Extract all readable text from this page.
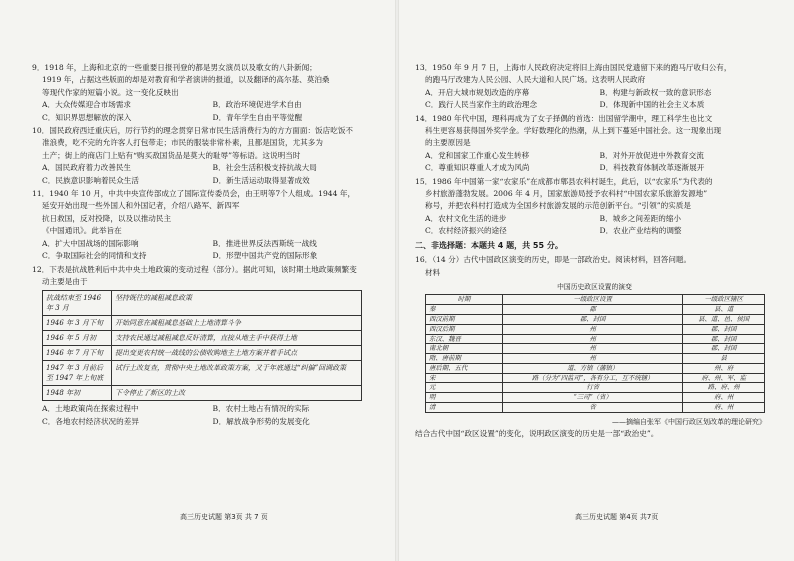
9．1918 年，上海和北京的一些重要日报刊登的都是男女演员以及歌女的八卦新闻；
1919 年，占据这些版面的却是对教育和学者演讲的报道，以及翻译的高尔基、莫泊桑
等现代作家的短篇小说。这一变化反映出
A．大众传媒迎合市场需求	B．政治环境促进学术自由
C．知识界思想解放的深入	D．青年学生自由平等觉醒
10．国民政府西迁重庆后，厉行节约的理念贯穿日常市民生活消费行为的方方面面：饭店吃饭不
准浪费，吃不完的允许客人打包带走；市民的服装非常朴素，且都是国货，尤其多为
土产；街上的商店门上贴有“购买敌国货品是莫大的耻辱”等标语。这说明当时
A．国民政府着力改善民生	B．社会生活积极支持抗战大局
C．民族意识影响着民众生活	D．新生活运动取得显著成效
11．1940 年 10 月，中共中央宣传部成立了国际宣传委员会，由王明等7个人组成。1944 年，
延安开始出现一些外国人和外国记者，介绍八路军、新四军
抗日救国，反对投降，以及以推动民主
《中国通讯》。此举旨在
A．扩大中国战场的国际影响	B．推进世界反法西斯统一战线
C．争取国际社会的同情和支持	D．形塑中国共产党的国际形象
12．下表是抗战胜利后中共中央土地政策的变动过程（部分）。据此可知，该时期土地政策频繁变
动主要是由于
抗战结束至 1946 年 3 月	坚持既往的减租减息政策
1946 年 3 月下旬	开始同意在减租减息基础上土地清算斗争
1946 年 5 月初	支持农民通过减租减息反奸清算，直接从地主手中获得土地
1946 年 7 月下旬	提出变更农村统一战线的公债收购地主土地方案并着手试点
1947 年 3 月前后至 1947 年上旬底	试行土改复查，贯彻中央土地改革政策方案，又于年底通过“纠偏”回调政策
1948 年初	下令停止了新区的土改
A．土地政策尚在探索过程中	B．农村土地占有情况的实际
C．各地农村经济状况的差异	D．解放战争形势的发展变化
13．1950 年 9 月 7 日，上海市人民政府决定将旧上海由国民党遗留下来的跑马厅收归公有，
的跑马厅改建为人民公园、人民大道和人民广场。这表明人民政府
A．开启大城市规划改造的序幕	B．构建与新政权一致的意识形态
C．践行人民当家作主的政治理念	D．体现新中国的社会主义本质
14．1980 年代中国，理科再成为了女子择偶的首选：出国留学潮中，理工科学生也比文
科生更容易获得国外奖学金。学好数理化的热潮，从上到下蔓延中国社会。这一现象出现
的主要原因是
A．党和国家工作重心发生转移	B．对外开放促进中外教育交流
C．尊重知识尊重人才成为风尚	D．科技教育体制改革逐渐展开
15．1986 年中国第一家“农家乐”在成都市郫县农科村诞生，此后，以“农家乐”为代表的
乡村旅游蓬勃发展。2006 年 4 月，国家旅游局授予农科村“中国农家乐旅游发源地”
称号，并把农科村打造成为全国乡村旅游发展的示范创新平台。“引领”的实质是
A．农村文化生活的进步	B．城乡之间差距的缩小
C．农村经济振兴的途径	D．农业产业结构的调整
二、非选择题：本题共 4 题，共 55 分。
16．（14 分）古代中国政区演变的历史，即是一部政治史。阅读材料，回答问题。
材料
中国历史政区设置的演变
时期	一级政区设置	一级政区辖区
秦	郡	县、道
西汉前期	郡、封国	县、道、邑、侯国
西汉后期	州	郡、封国
东汉、魏晋	州	郡、封国
南北朝	州	郡、封国
隋、唐前期	州	县
唐后期、五代	道、方镇（藩镇）	州、府
宋	路（分为“四监司”，各有分工，互不统辖）	府、州、军、监
元	行省	路、府、州
明	“三司”（省）	府、州
清	省	府、州
——摘编自张军《中国行政区划改革的理论研究》
结合古代中国“政区设置”的变化，说明政区演变的历史是一部“政治史”。
高三历史试题 第3页 共 7 页	高三历史试题 第4页 共7页
